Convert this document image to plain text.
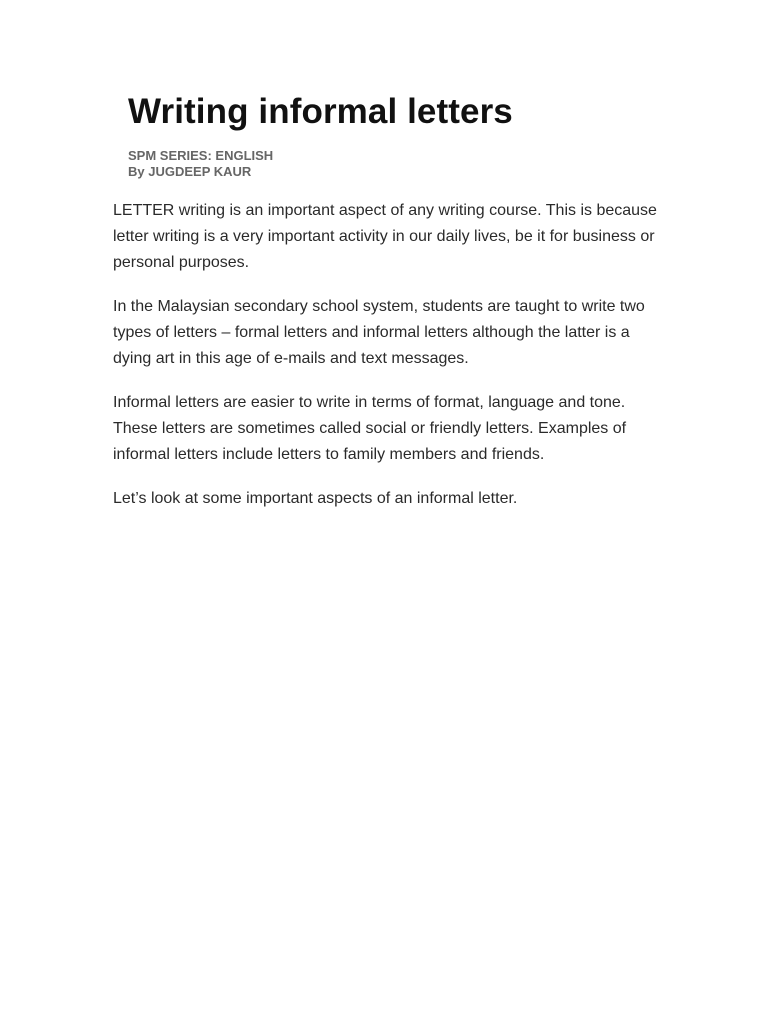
Writing informal letters
SPM SERIES: ENGLISH
By JUGDEEP KAUR

LETTER writing is an important aspect of any writing course. This is because letter writing is a very important activity in our daily lives, be it for business or personal purposes.

In the Malaysian secondary school system, students are taught to write two types of letters – formal letters and informal letters although the latter is a dying art in this age of e-mails and text messages.

Informal letters are easier to write in terms of format, language and tone. These letters are sometimes called social or friendly letters. Examples of informal letters include letters to family members and friends.

Let’s look at some important aspects of an informal letter.
